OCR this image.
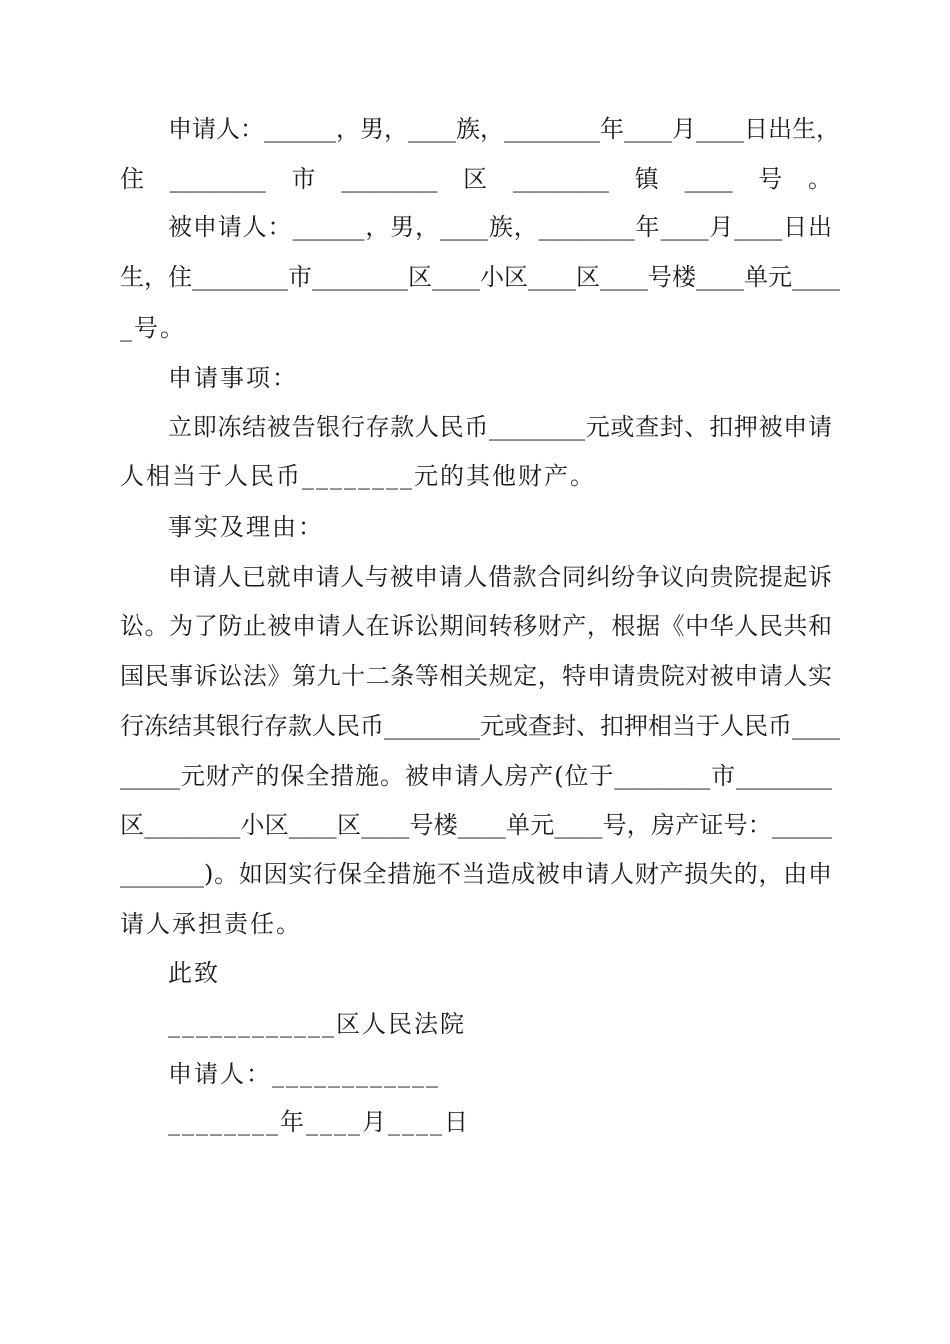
申请人：______，男，____族，________年____月____日出生，
住________市________区________镇____号。
被申请人：______，男，____族，________年____月____日出
生，住________市________区____小区____区____号楼____单元____
_号。
申请事项：
立即冻结被告银行存款人民币________元或查封、扣押被申请
人相当于人民币________元的其他财产。
事实及理由：
申请人已就申请人与被申请人借款合同纠纷争议向贵院提起诉
讼。为了防止被申请人在诉讼期间转移财产，根据《中华人民共和
国民事诉讼法》第九十二条等相关规定，特申请贵院对被申请人实
行冻结其银行存款人民币________元或查封、扣押相当于人民币____
_____元财产的保全措施。被申请人房产(位于________市________
区________小区____区____号楼____单元____号，房产证号：_____
_______)。如因实行保全措施不当造成被申请人财产损失的，由申
请人承担责任。
此致
____________区人民法院
申请人：____________
________年____月____日
